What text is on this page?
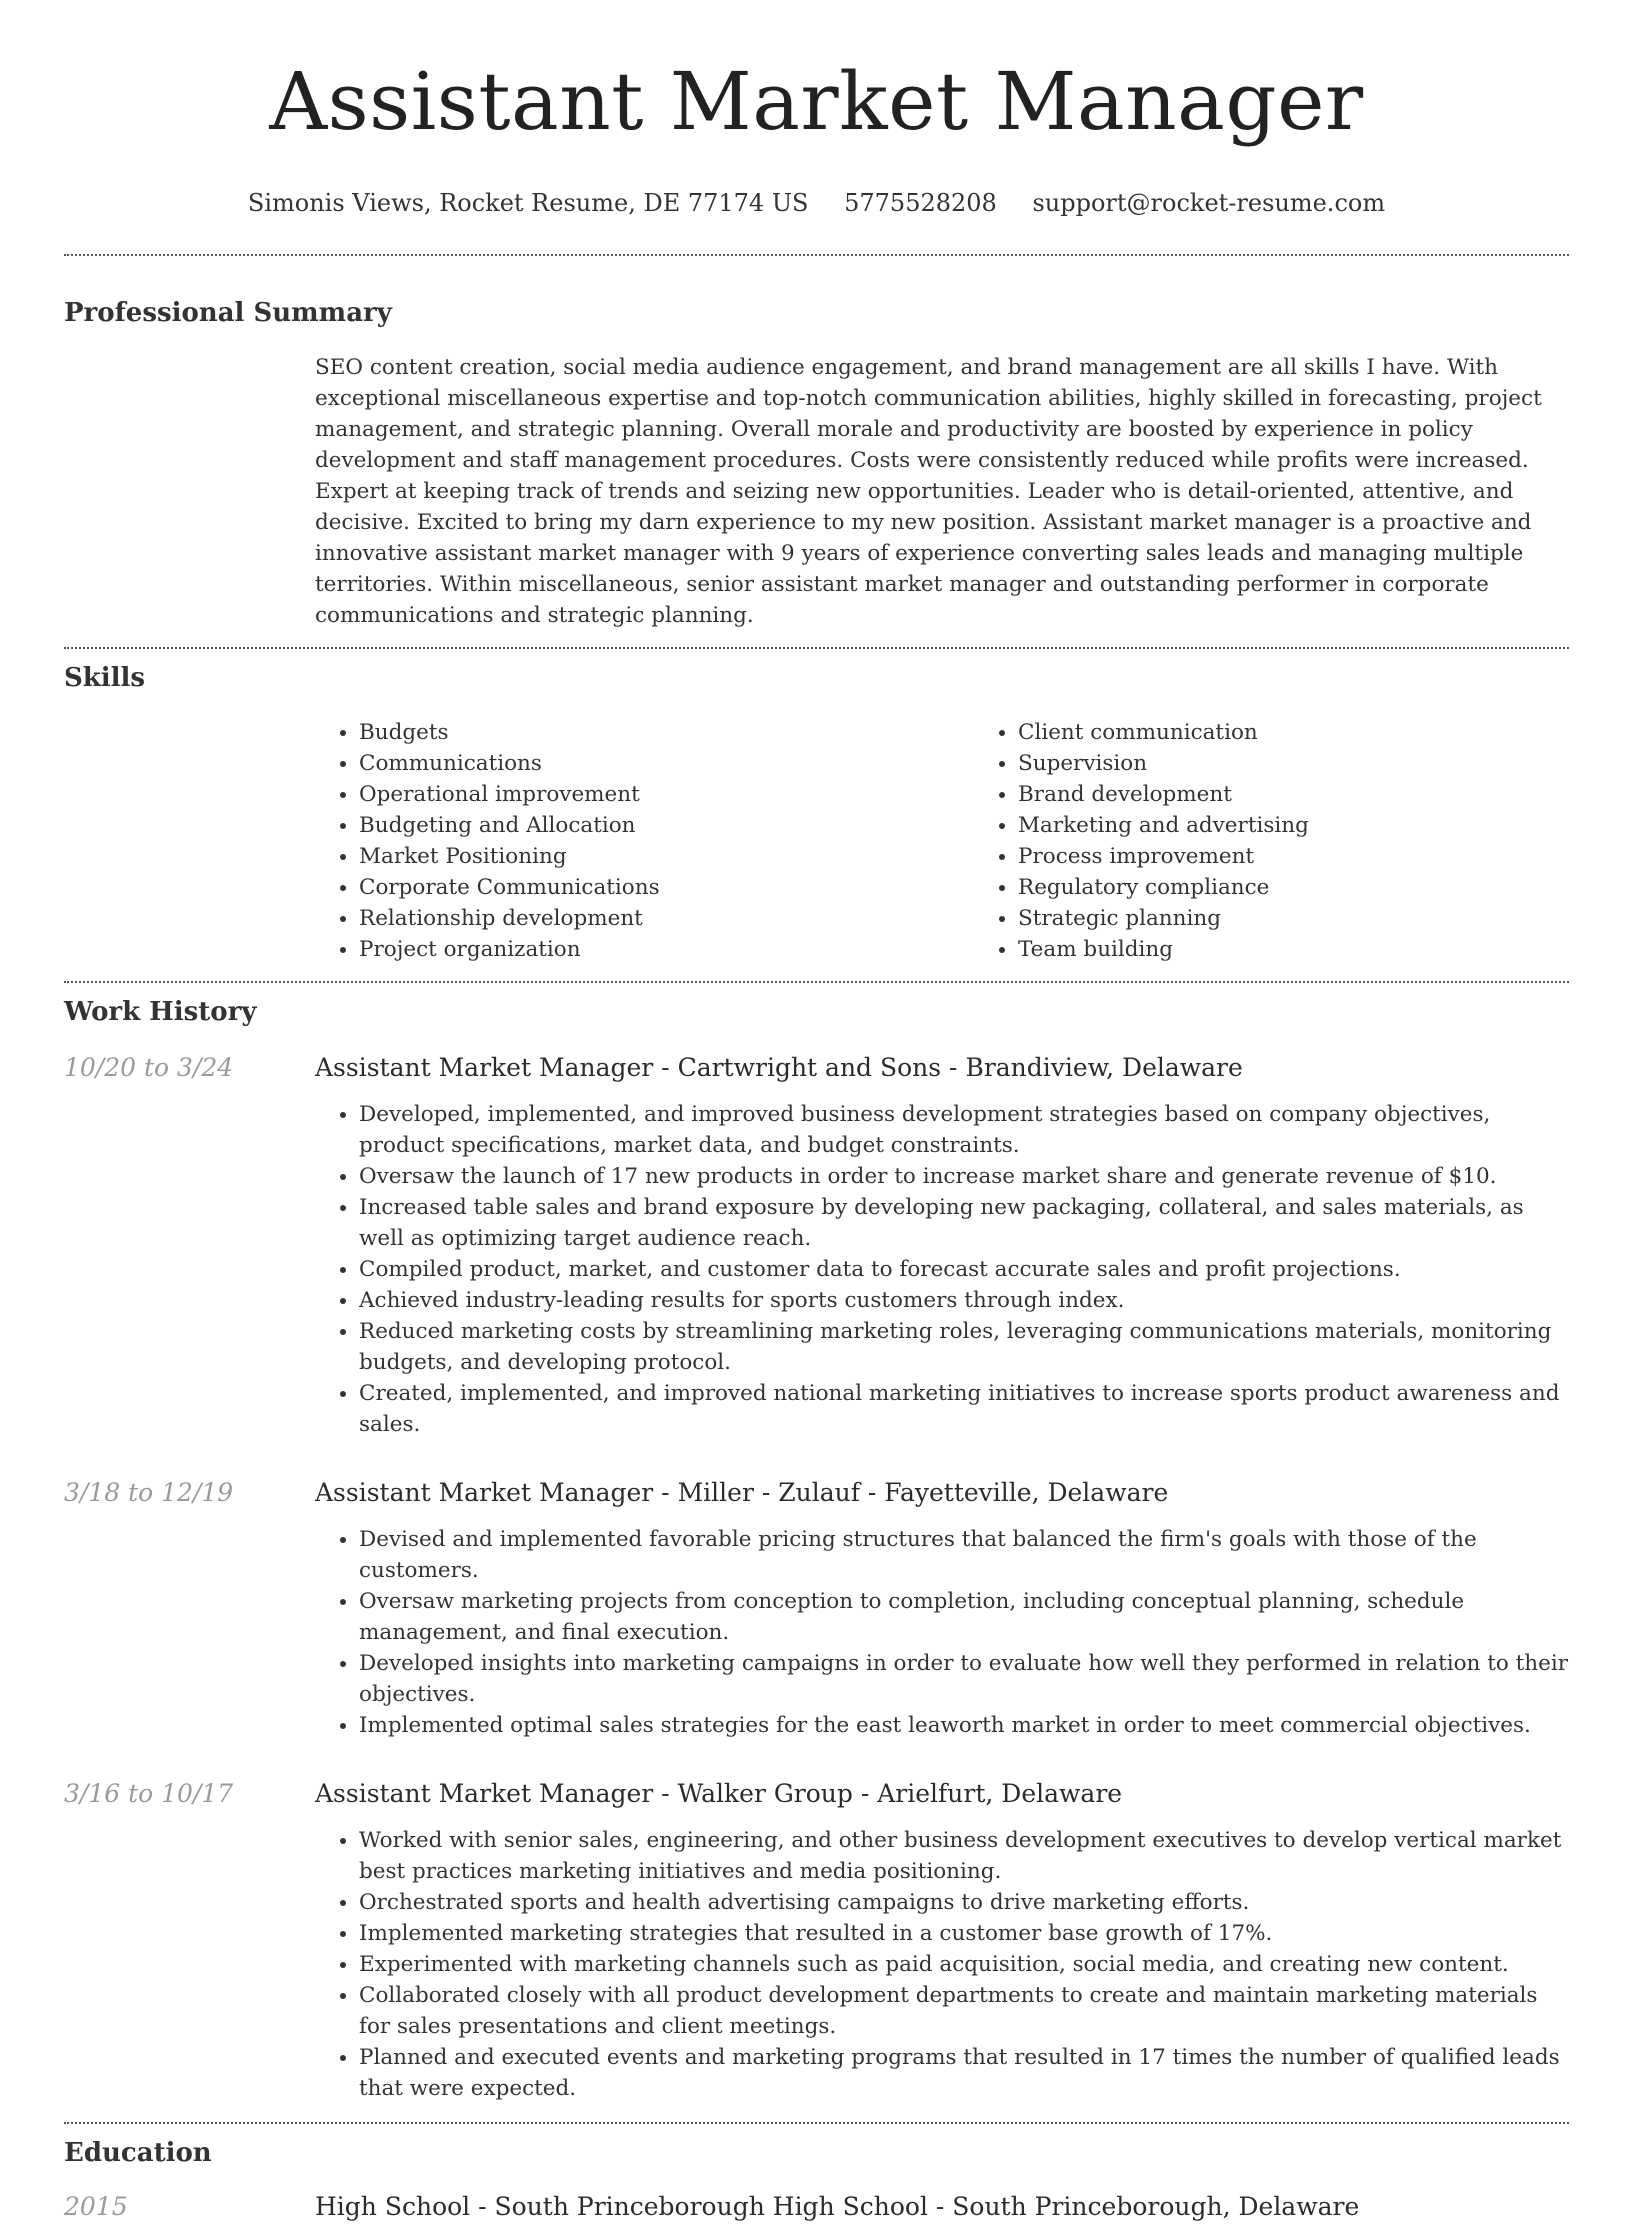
Assistant Market Manager
Simonis Views, Rocket Resume, DE 77174 US 5775528208 support@rocket-resume.com
Professional Summary

SEO content creation, social media audience engagement, and brand management are all skills I have. With exceptional miscellaneous expertise and top-notch communication abilities, highly skilled in forecasting, project management, and strategic planning. Overall morale and productivity are boosted by experience in policy development and staff management procedures. Costs were consistently reduced while profits were increased. Expert at keeping track of trends and seizing new opportunities. Leader who is detail-oriented, attentive, and decisive. Excited to bring my darn experience to my new position. Assistant market manager is a proactive and innovative assistant market manager with 9 years of experience converting sales leads and managing multiple territories. Within miscellaneous, senior assistant market manager and outstanding performer in corporate communications and strategic planning.

Skills
• Budgets
• Communications
• Operational improvement
• Budgeting and Allocation
• Market Positioning
• Corporate Communications
• Relationship development
• Project organization
• Client communication
• Supervision
• Brand development
• Marketing and advertising
• Process improvement
• Regulatory compliance
• Strategic planning
• Team building
Work History
10/20 to 3/24	Assistant Market Manager - Cartwright and Sons - Brandiview, Delaware
• Developed, implemented, and improved business development strategies based on company objectives, product specifications, market data, and budget constraints.
• Oversaw the launch of 17 new products in order to increase market share and generate revenue of $10.
• Increased table sales and brand exposure by developing new packaging, collateral, and sales materials, as well as optimizing target audience reach.
• Compiled product, market, and customer data to forecast accurate sales and profit projections.
• Achieved industry-leading results for sports customers through index.
• Reduced marketing costs by streamlining marketing roles, leveraging communications materials, monitoring budgets, and developing protocol.
• Created, implemented, and improved national marketing initiatives to increase sports product awareness and sales.
3/18 to 12/19	Assistant Market Manager - Miller - Zulauf - Fayetteville, Delaware
• Devised and implemented favorable pricing structures that balanced the firm's goals with those of the customers.
• Oversaw marketing projects from conception to completion, including conceptual planning, schedule management, and final execution.
• Developed insights into marketing campaigns in order to evaluate how well they performed in relation to their objectives.
• Implemented optimal sales strategies for the east leaworth market in order to meet commercial objectives.
3/16 to 10/17	Assistant Market Manager - Walker Group - Arielfurt, Delaware
• Worked with senior sales, engineering, and other business development executives to develop vertical market best practices marketing initiatives and media positioning.
• Orchestrated sports and health advertising campaigns to drive marketing efforts.
• Implemented marketing strategies that resulted in a customer base growth of 17%.
• Experimented with marketing channels such as paid acquisition, social media, and creating new content.
• Collaborated closely with all product development departments to create and maintain marketing materials for sales presentations and client meetings.
• Planned and executed events and marketing programs that resulted in 17 times the number of qualified leads that were expected.
Education
2015	High School - South Princeborough High School - South Princeborough, Delaware
